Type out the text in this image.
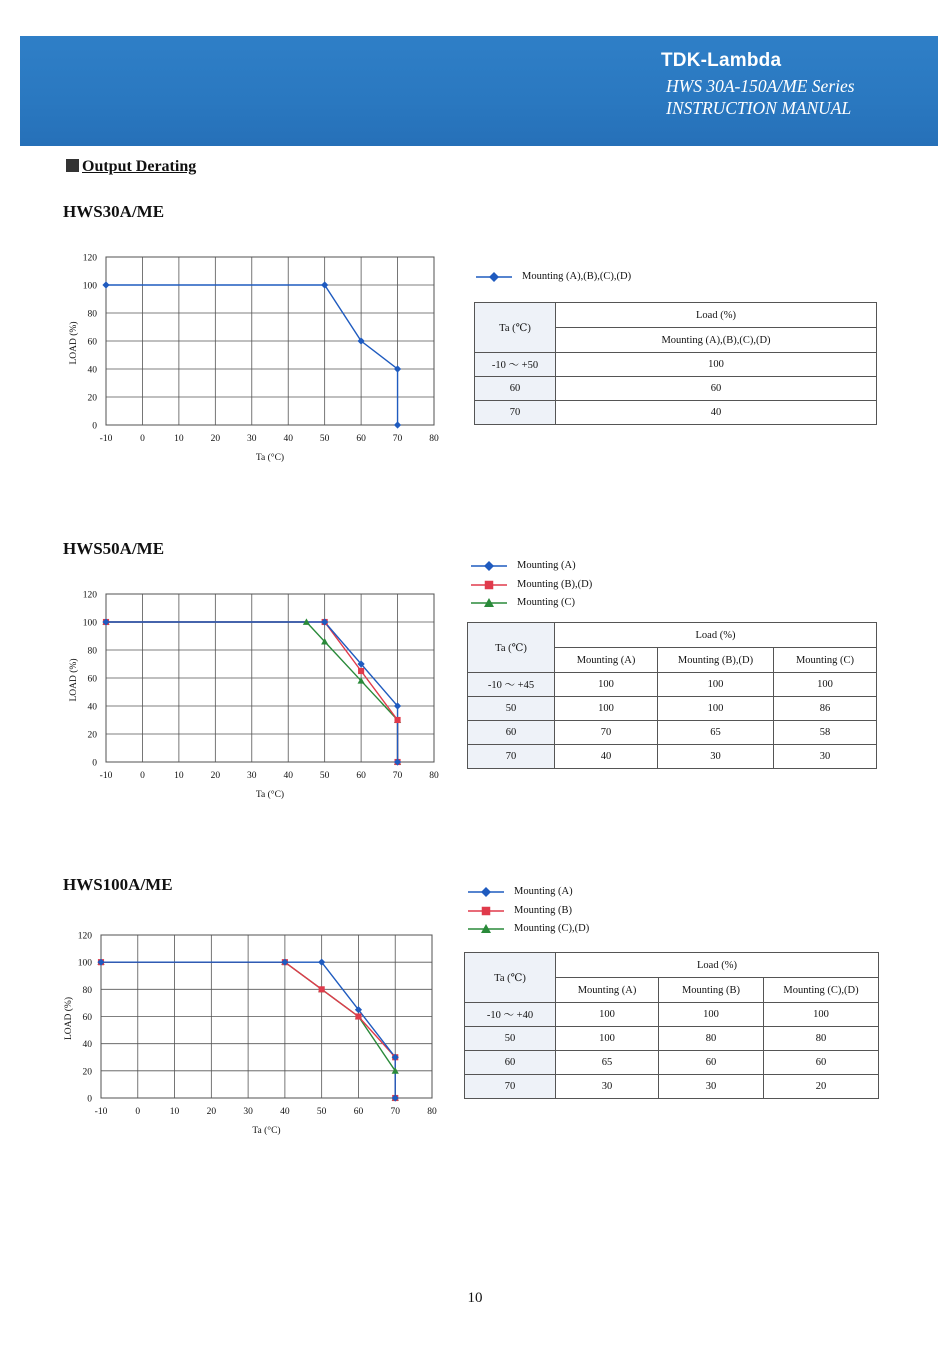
TDK-Lambda
HWS 30A-150A/ME Series
INSTRUCTION MANUAL
Output Derating
HWS30A/ME
HWS50A/ME
HWS100A/ME
-10	0	10	20	30	40	50	60	70	80
0
20
40
60
80
100
120
Ta (°C)
LOAD (%)
-10	0	10	20	30	40	50	60	70	80
0
20
40
60
80
100
120
Ta (°C)
LOAD (%)
-10	0	10	20	30	40	50	60	70	80
0
20
40
60
80
100
120
Ta (°C)
LOAD (%)
Mounting (A),(B),(C),(D)
Mounting (A)
Mounting (B),(D)
Mounting (C)
Mounting (A)
Mounting (B)
Mounting (C),(D)
Ta (℃)	Load (%)
	Mounting (A),(B),(C),(D)
-10 ～ +50	100
60	60
70	40
Ta (℃)	Load (%)		
	Mounting (A)	Mounting (B),(D)	Mounting (C)
-10 ～ +45	100	100	100
50	100	100	86
60	70	65	58
70	40	30	30
Ta (℃)	Load (%)		
	Mounting (A)	Mounting (B)	Mounting (C),(D)
-10 ～ +40	100	100	100
50	100	80	80
60	65	60	60
70	30	30	20
10
